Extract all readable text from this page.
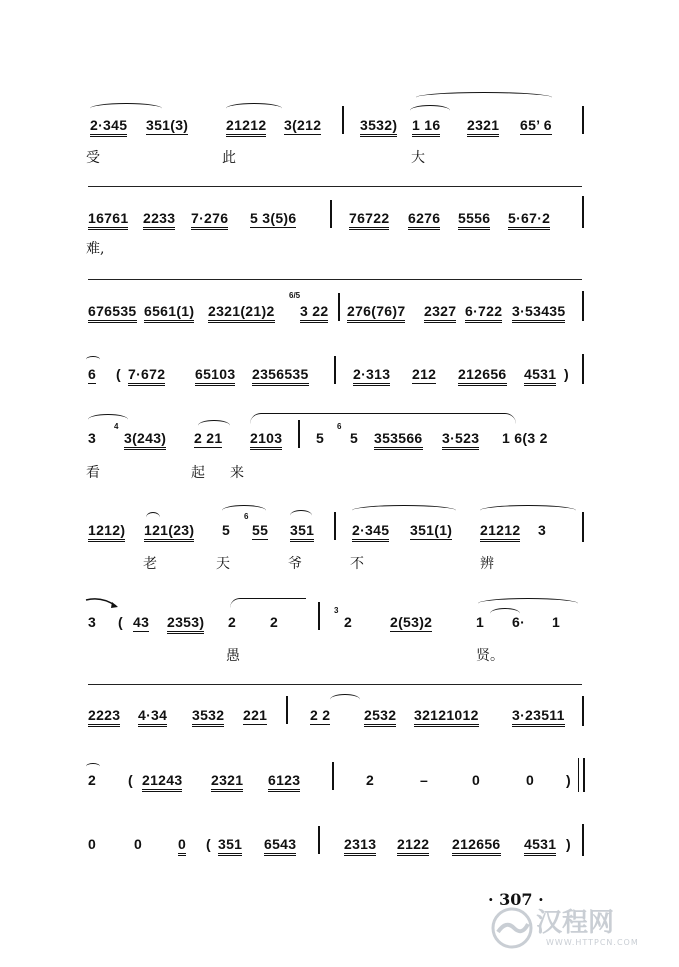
2·345 351(3)	21212 3(212	3532) 1 16 2321 65’ 6
受	此	大
16761 2233 7·276 5 3(5)6	76722 6276 5556 5·67·2
难,
676535 6561(1) 2321(21)2
6/5
3 22 276(76)7 2327 6·722 3·53435
6 ( 7·672 65103 2356535	2·313 212 212656 4531 )
3
4
3(243) 2 21 2103 5
6
5 353566 3·523 1 6(3 2
看	起 来
1212) 121(23) 5
6
55 351	2·345 351(1) 21212 3
老	天	爷	不	辨
3 ( 43 2353) 2 2
3
2	2(53)2	1 6· 1
愚	贤。
2223 4·34 3532 221	2 2 2532 32121012 3·23511
2 ( 21243 2321 6123	2	–	0	0 )
0	0	0 ( 351 6543	2313 2122 212656 4531 )
· 307 ·
汉程网
WWW.HTTPCN.COM
